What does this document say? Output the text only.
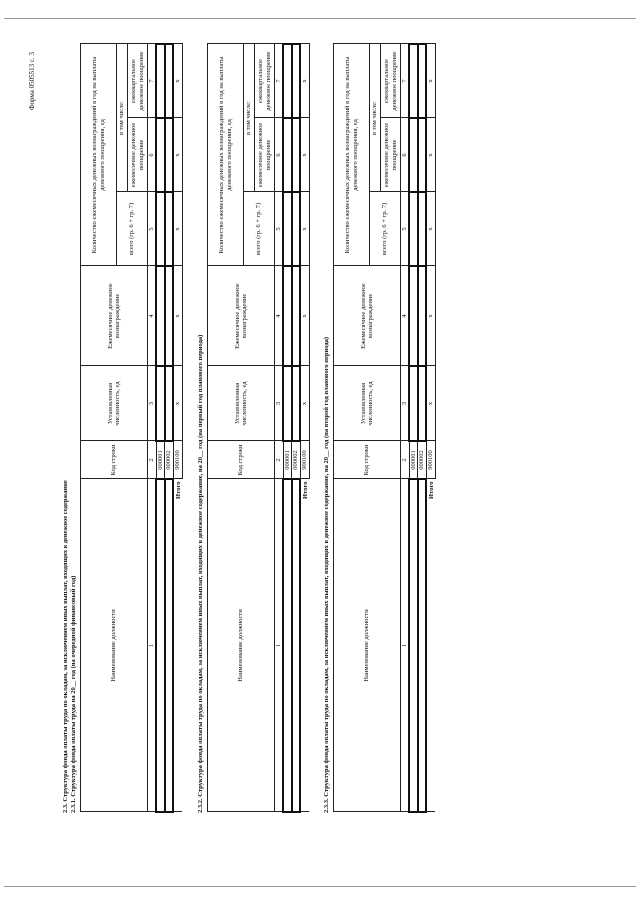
Форма 0505513 с. 3
2.3. Структура фонда оплаты труда по окладам, за исключением иных выплат, входящих в денежное содержание 2.3.1. Структура фонда оплаты труда на 20__ год (на очередной финансовый год)	Наименование должности	Код строки	Установленная численность, ед	Ежемесячное денежное вознаграждение	Количество ежемесячных денежных вознаграждений в год на выплаты денежного поощрения, ед		
				всего (гр. 6 + гр. 7)	в том числе:	
					ежемесячное денежное поощрение	ежеквартальное денежное поощрение
1	2	3	4	5	6	7
	000001					
	000002					
Итого	900100	x	x	x	x	x
2.3.2. Структура фонда оплаты труда по окладам, за исключением иных выплат, входящих в денежное содержание, на 20__ год (на первый год планового периода)	Наименование должности	Код строки	Установленная численность, ед	Ежемесячное денежное вознаграждение	Количество ежемесячных денежных вознаграждений в год на выплаты денежного поощрения, ед		
				всего (гр. 6 + гр. 7)	в том числе:	
					ежемесячное денежное поощрение	ежеквартальное денежное поощрение
1	2	3	4	5	6	7
	000001					
	000002					
Итого	900100	x	x	x	x	x
2.3.3. Структура фонда оплаты труда по окладам, за исключением иных выплат, входящих в денежное содержание, на 20__ год (на второй год планового периода)	Наименование должности	Код строки	Установленная численность, ед	Ежемесячное денежное вознаграждение	Количество ежемесячных денежных вознаграждений в год на выплаты денежного поощрения, ед		
				всего (гр. 6 + гр. 7)	в том числе:	
					ежемесячное денежное поощрение	ежеквартальное денежное поощрение
1	2	3	4	5	6	7
	000001					
	000002					
Итого	900100	x	x	x	x	x
